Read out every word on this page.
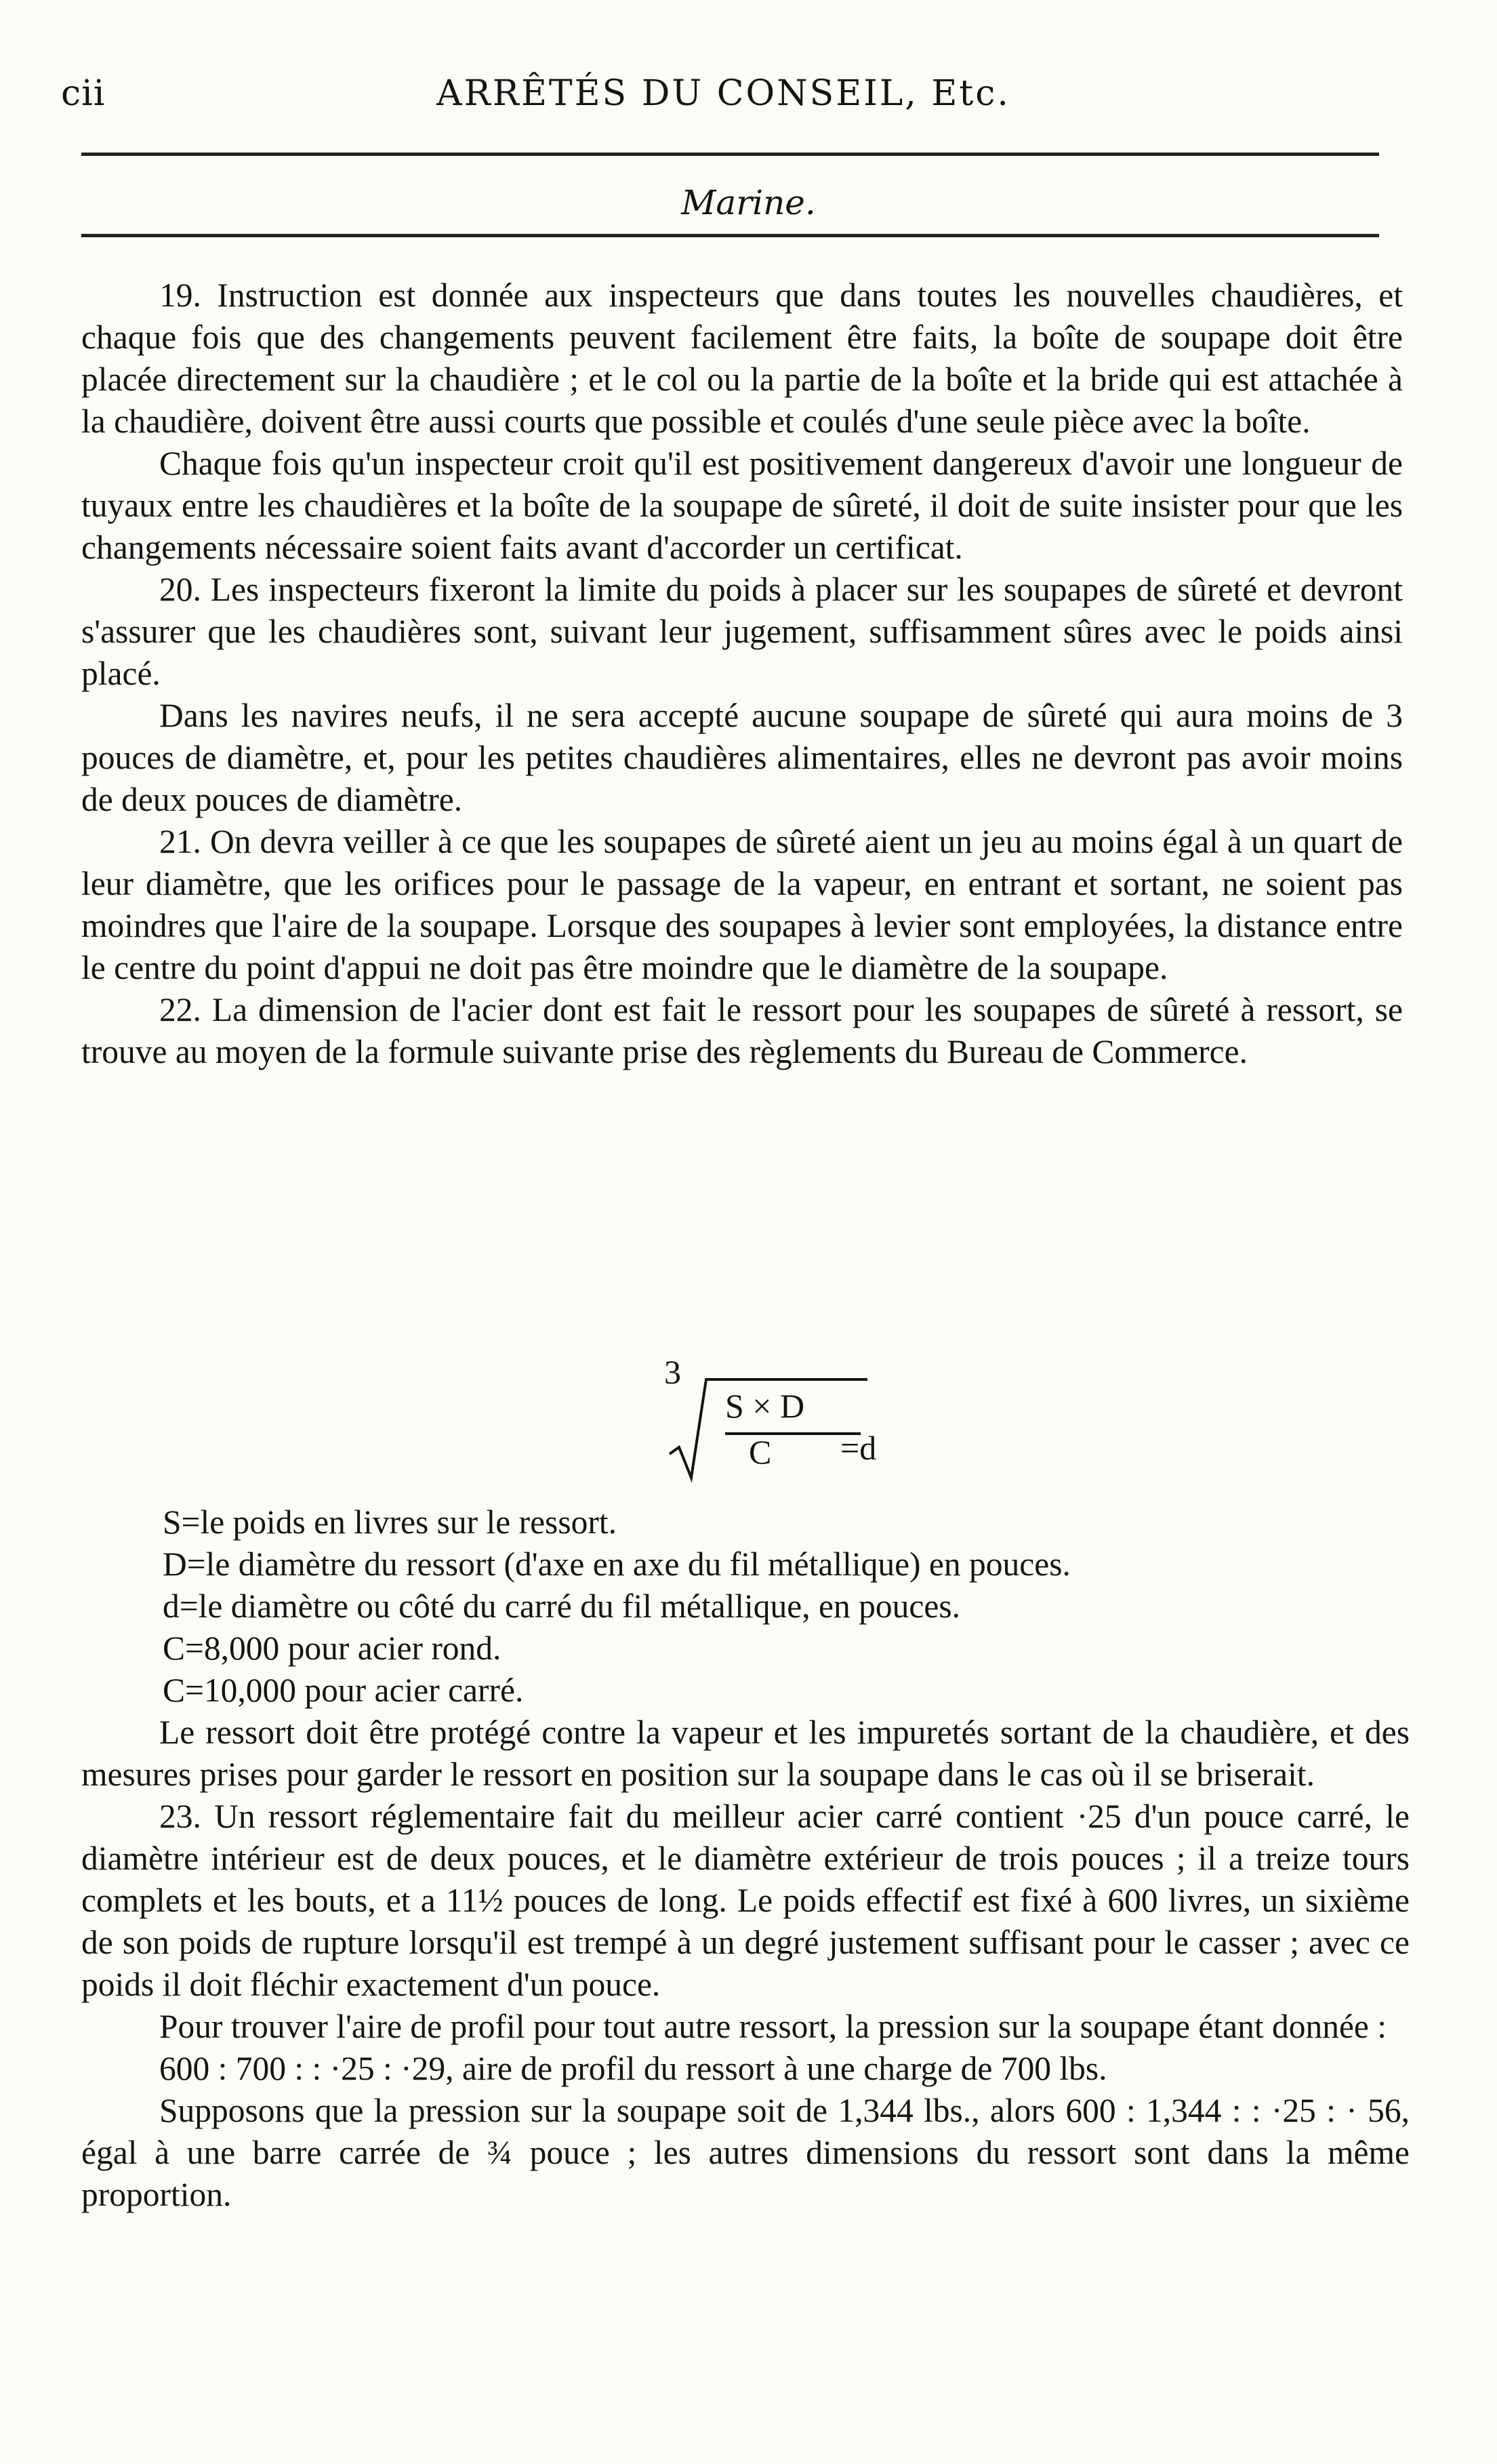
cii	ARRÊTÉS DU CONSEIL, Etc.
Marine.

19. Instruction est donnée aux inspecteurs que dans toutes les nouvelles chaudières, et chaque fois que des changements peuvent facilement être faits, la boîte de soupape doit être placée directement sur la chaudière ; et le col ou la partie de la boîte et la bride qui est attachée à la chaudière, doivent être aussi courts que possible et coulés d'une seule pièce avec la boîte.

Chaque fois qu'un inspecteur croit qu'il est positivement dangereux d'avoir une longueur de tuyaux entre les chaudières et la boîte de la soupape de sûreté, il doit de suite insister pour que les changements nécessaire soient faits avant d'accorder un certificat.

20. Les inspecteurs fixeront la limite du poids à placer sur les soupapes de sûreté et devront s'assurer que les chaudières sont, suivant leur jugement, suffisamment sûres avec le poids ainsi placé.

Dans les navires neufs, il ne sera accepté aucune soupape de sûreté qui aura moins de 3 pouces de diamètre, et, pour les petites chaudières alimentaires, elles ne devront pas avoir moins de deux pouces de diamètre.

21. On devra veiller à ce que les soupapes de sûreté aient un jeu au moins égal à un quart de leur diamètre, que les orifices pour le passage de la vapeur, en entrant et sortant, ne soient pas moindres que l'aire de la soupape. Lorsque des soupapes à levier sont employées, la distance entre le centre du point d'appui ne doit pas être moindre que le diamètre de la soupape.

22. La dimension de l'acier dont est fait le ressort pour les soupapes de sûreté à ressort, se trouve au moyen de la formule suivante prise des règlements du Bureau de Commerce.

3
S × D
C =d

S=le poids en livres sur le ressort.

D=le diamètre du ressort (d'axe en axe du fil métallique) en pouces.

d=le diamètre ou côté du carré du fil métallique, en pouces.

C=8,000 pour acier rond.

C=10,000 pour acier carré.

Le ressort doit être protégé contre la vapeur et les impuretés sortant de la chaudière, et des mesures prises pour garder le ressort en position sur la soupape dans le cas où il se briserait.

23. Un ressort réglementaire fait du meilleur acier carré contient ·25 d'un pouce carré, le diamètre intérieur est de deux pouces, et le diamètre extérieur de trois pouces ; il a treize tours complets et les bouts, et a 11½ pouces de long. Le poids effectif est fixé à 600 livres, un sixième de son poids de rupture lorsqu'il est trempé à un degré justement suffisant pour le casser ; avec ce poids il doit fléchir exactement d'un pouce.

Pour trouver l'aire de profil pour tout autre ressort, la pression sur la soupape étant donnée :

600 : 700 : : ·25 : ·29, aire de profil du ressort à une charge de 700 lbs.

Supposons que la pression sur la soupape soit de 1,344 lbs., alors 600 : 1,344 : : ·25 : · 56, égal à une barre carrée de ¾ pouce ; les autres dimensions du ressort sont dans la même proportion.
